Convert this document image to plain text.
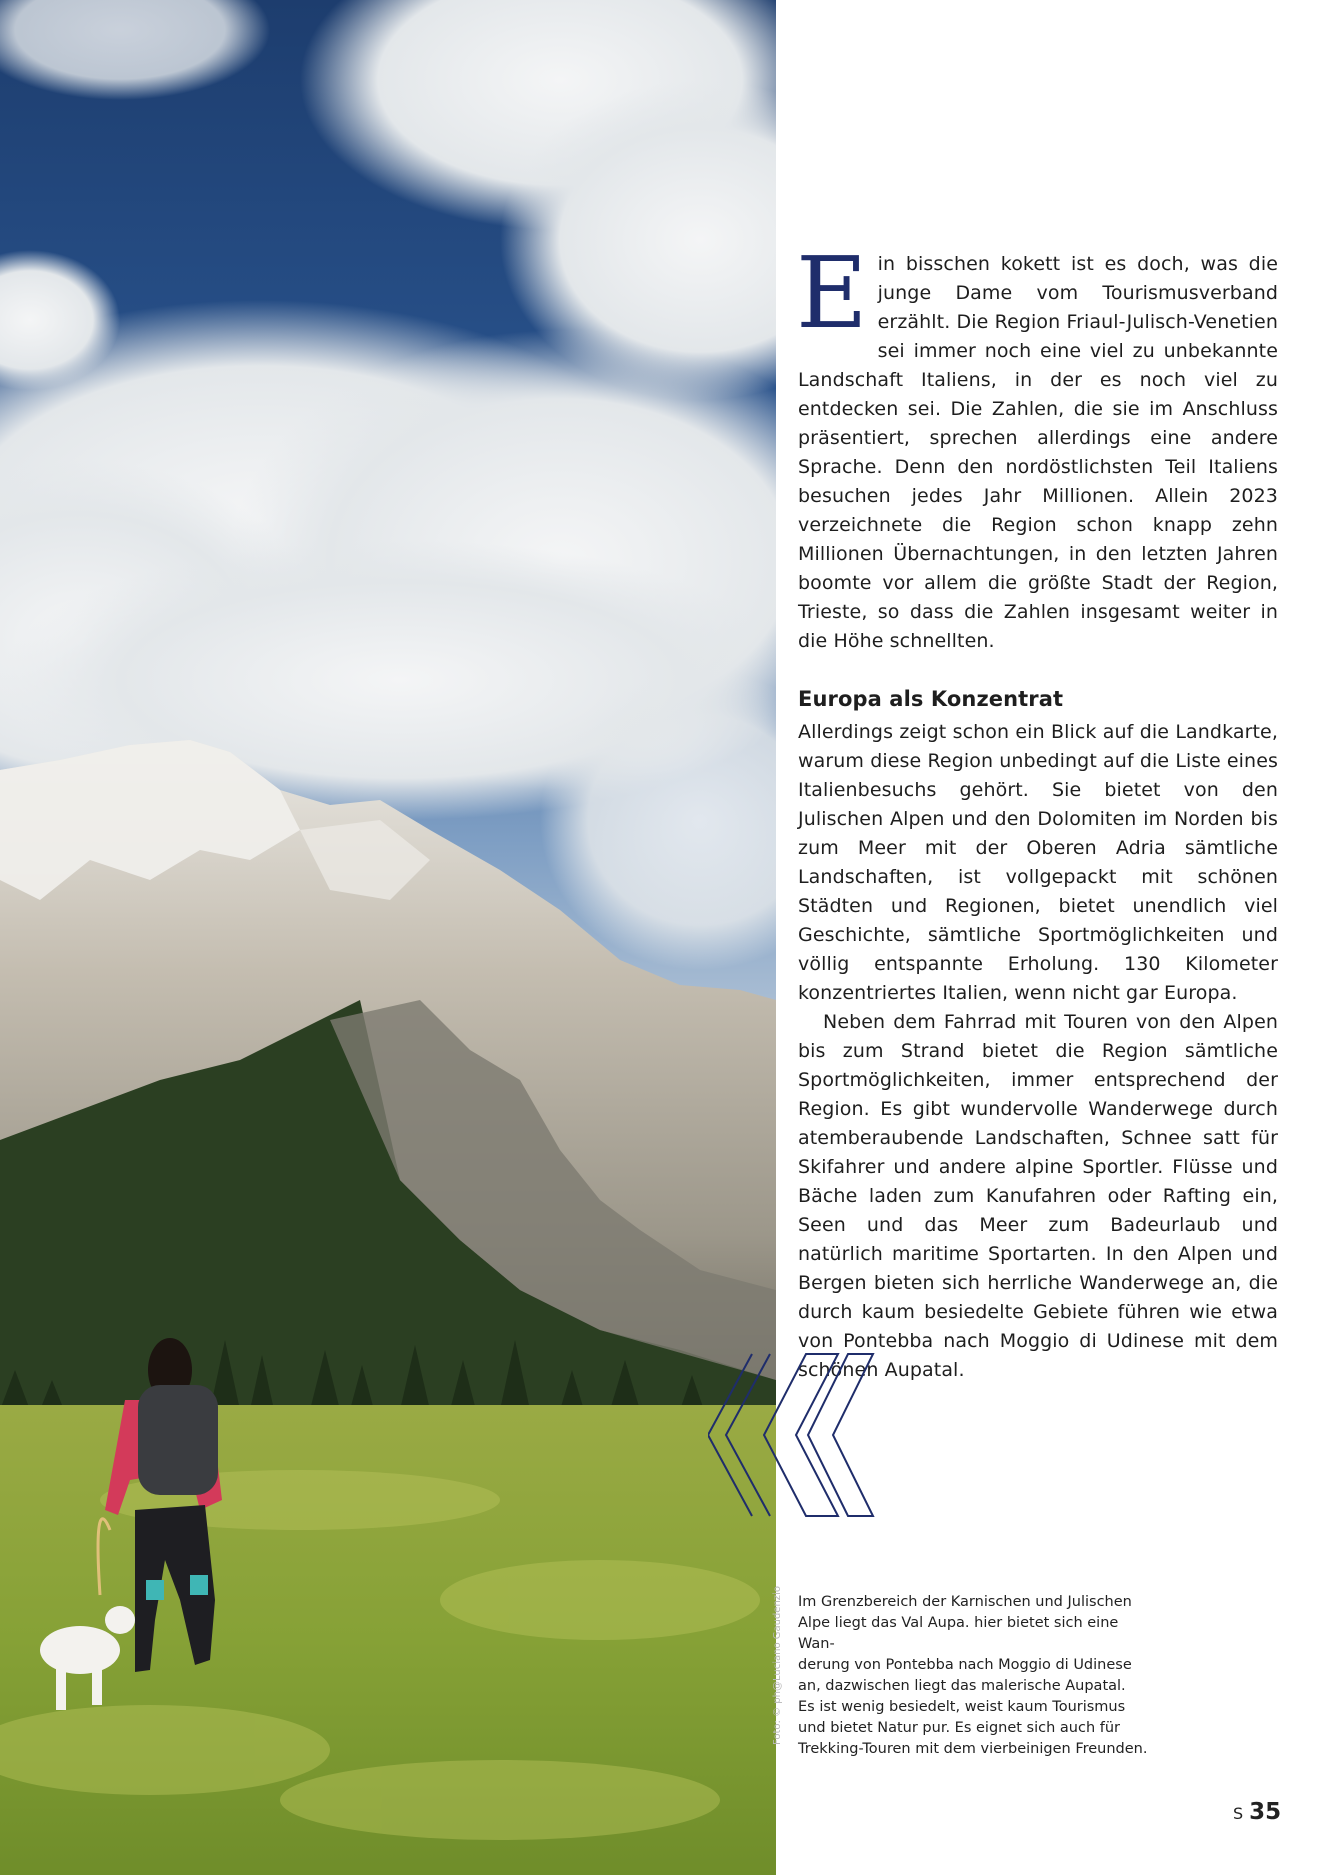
Foto: © ph@Luciano Gaudenzio

Ein bisschen kokett ist es doch, was die junge Dame vom Tourismusverband erzählt. Die Region Friaul-Julisch-Venetien sei immer noch eine viel zu unbekannte Landschaft Italiens, in der es noch viel zu entdecken sei. Die Zahlen, die sie im Anschluss präsentiert, sprechen allerdings eine andere Sprache. Denn den nordöstlichsten Teil Italiens besuchen jedes Jahr Millionen. Allein 2023 verzeichnete die Region schon knapp zehn Millionen Übernachtungen, in den letzten Jahren boomte vor allem die größte Stadt der Region, Trieste, so dass die Zahlen insgesamt weiter in die Höhe schnellten.

Europa als Konzentrat

Allerdings zeigt schon ein Blick auf die Landkarte, warum diese Region unbedingt auf die Liste eines Italienbesuchs gehört. Sie bietet von den Julischen Alpen und den Dolomiten im Norden bis zum Meer mit der Oberen Adria sämtliche Landschaften, ist vollgepackt mit schönen Städten und Regionen, bietet unendlich viel Geschichte, sämtliche Sportmöglichkeiten und völlig entspannte Erholung. 130 Kilometer konzentriertes Italien, wenn nicht gar Europa.

Neben dem Fahrrad mit Touren von den Alpen bis zum Strand bietet die Region sämtliche Sportmöglichkeiten, immer entsprechend der Region. Es gibt wundervolle Wanderwege durch atemberaubende Landschaften, Schnee satt für Skifahrer und andere alpine Sportler. Flüsse und Bäche laden zum Kanufahren oder Rafting ein, Seen und das Meer zum Badeurlaub und natürlich maritime Sportarten. In den Alpen und Bergen bieten sich herrliche Wanderwege an, die durch kaum besiedelte Gebiete führen wie etwa von Pontebba nach Moggio di Udinese mit dem schönen Aupatal.

Im Grenzbereich der Karnischen und Julischen
Alpe liegt das Val Aupa. hier bietet sich eine Wan-
derung von Pontebba nach Moggio di Udinese
an, dazwischen liegt das malerische Aupatal.
Es ist wenig besiedelt, weist kaum Tourismus
und bietet Natur pur. Es eignet sich auch für
Trekking-Touren mit dem vierbeinigen Freunden.
S 35
